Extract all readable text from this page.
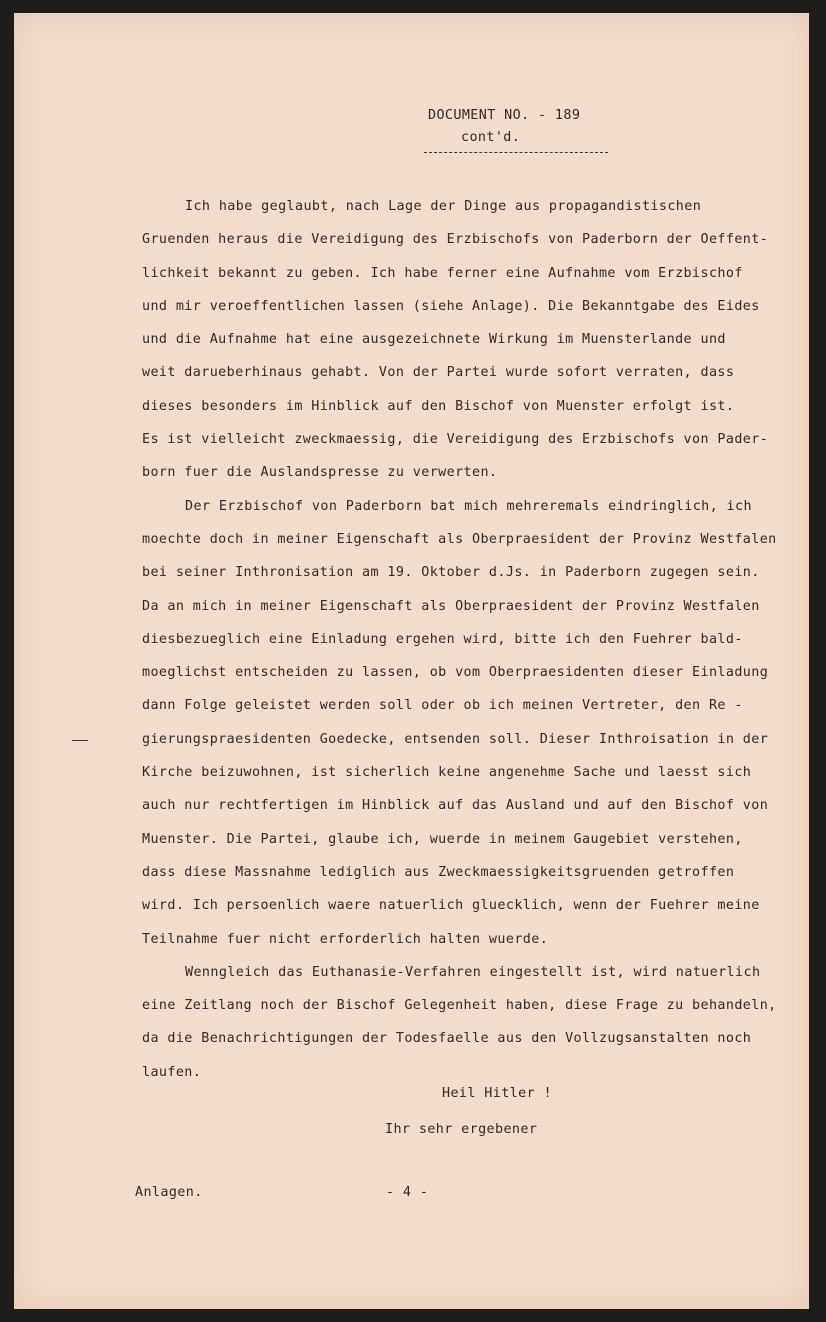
DOCUMENT NO. - 189
cont'd.
Ich habe geglaubt, nach Lage der Dinge aus propagandistischen
Gruenden heraus die Vereidigung des Erzbischofs von Paderborn der Oeffent-
lichkeit bekannt zu geben. Ich habe ferner eine Aufnahme vom Erzbischof
und mir veroeffentlichen lassen (siehe Anlage). Die Bekanntgabe des Eides
und die Aufnahme hat eine ausgezeichnete Wirkung im Muensterlande und
weit darueberhinaus gehabt. Von der Partei wurde sofort verraten, dass
dieses besonders im Hinblick auf den Bischof von Muenster erfolgt ist.
Es ist vielleicht zweckmaessig, die Vereidigung des Erzbischofs von Pader-
born fuer die Auslandspresse zu verwerten.
Der Erzbischof von Paderborn bat mich mehreremals eindringlich, ich
moechte doch in meiner Eigenschaft als Oberpraesident der Provinz Westfalen
bei seiner Inthronisation am 19. Oktober d.Js. in Paderborn zugegen sein.
Da an mich in meiner Eigenschaft als Oberpraesident der Provinz Westfalen
diesbezueglich eine Einladung ergehen wird, bitte ich den Fuehrer bald-
moeglichst entscheiden zu lassen, ob vom Oberpraesidenten dieser Einladung
dann Folge geleistet werden soll oder ob ich meinen Vertreter, den Re -
gierungspraesidenten Goedecke, entsenden soll. Dieser Inthroisation in der
Kirche beizuwohnen, ist sicherlich keine angenehme Sache und laesst sich
auch nur rechtfertigen im Hinblick auf das Ausland und auf den Bischof von
Muenster. Die Partei, glaube ich, wuerde in meinem Gaugebiet verstehen,
dass diese Massnahme lediglich aus Zweckmaessigkeitsgruenden getroffen
wird. Ich persoenlich waere natuerlich gluecklich, wenn der Fuehrer meine
Teilnahme fuer nicht erforderlich halten wuerde.
Wenngleich das Euthanasie-Verfahren eingestellt ist, wird natuerlich
eine Zeitlang noch der Bischof Gelegenheit haben, diese Frage zu behandeln,
da die Benachrichtigungen der Todesfaelle aus den Vollzugsanstalten noch
laufen.
Heil Hitler !
Ihr sehr ergebener
Anlagen.	- 4 -
